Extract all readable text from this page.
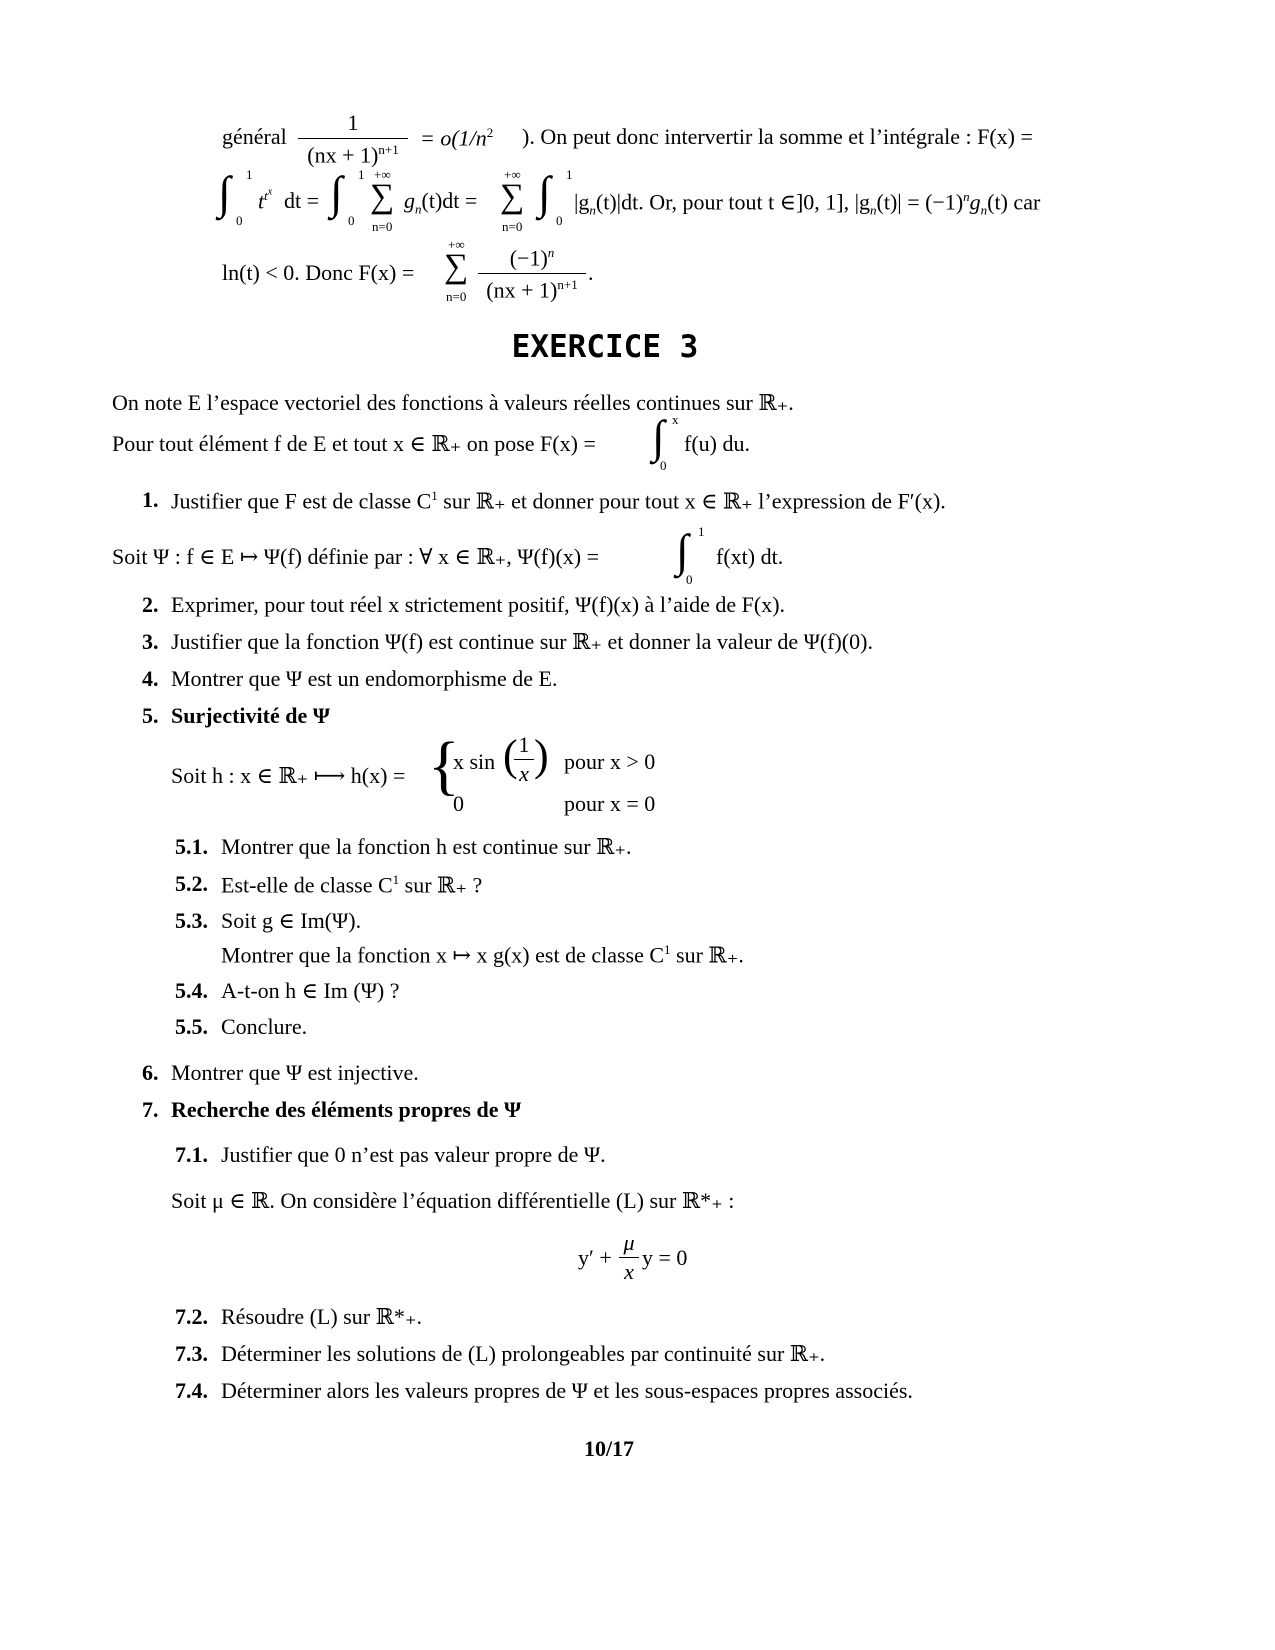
général $\frac{1}{(nx + 1)^{n+1}} = o(1/n^2$ ). On peut donc intervertir la somme et l’intégrale : F(x) =
∫ 1
0
$t^{t^x}$ dt = ∫ 1
0
+∞
∑
n=0
$g_n(t)dt$ =
+∞
∑
n=0
∫ 1
0
$|g_n(t)|dt$. Or, pour tout t ∈]0, 1], $|g_n(t)| = (-1)^ng_n(t)$ car
ln(t) < 0. Donc F(x) =
+∞
∑
$n=0 \frac{(-1)^n}{(nx + 1)^{n+1}}$ .
EXERCICE 3
On note E l’espace vectoriel des fonctions à valeurs réelles continues sur ℝ₊.
Pour tout élément f de E et tout x ∈ ℝ₊ on pose F(x) = ∫ x
0
f(u) du.
1. Justifier que F est de classe $C^1$ sur ℝ₊ et donner pour tout x ∈ ℝ₊ l’expression de F′(x).
Soit Ψ : f ∈ E ↦ Ψ(f) définie par : ∀ x ∈ ℝ₊, Ψ(f)(x) = ∫ 1
0
f(xt) dt.
2. Exprimer, pour tout réel x strictement positif, Ψ(f)(x) à l’aide de F(x).
3. Justifier que la fonction Ψ(f) est continue sur ℝ₊ et donner la valeur de Ψ(f)(0).
4. Montrer que Ψ est un endomorphisme de E.
5. Surjectivité de Ψ
Soit h : x ∈ ℝ₊ ⟼ h(x) = {
x sin (
$\frac{1}{x}$ ) pour x > 0
0	pour x = 0
5.1. Montrer que la fonction h est continue sur ℝ₊.
5.2. Est-elle de classe $C^1$ sur ℝ₊ ?
5.3. Soit g ∈ Im(Ψ).
Montrer que la fonction x ↦ x g(x) est de classe $C^1$ sur ℝ₊.
5.4. A-t-on h ∈ Im (Ψ) ?
5.5. Conclure.
6. Montrer que Ψ est injective.
7. Recherche des éléments propres de Ψ
7.1. Justifier que 0 n’est pas valeur propre de Ψ.
Soit μ ∈ ℝ. On considère l’équation différentielle (L) sur ℝ*₊ :
$y' + \frac{\mu}{x}$ y = 0
7.2. Résoudre (L) sur ℝ*₊.
7.3. Déterminer les solutions de (L) prolongeables par continuité sur ℝ₊.
7.4. Déterminer alors les valeurs propres de Ψ et les sous-espaces propres associés.
10/17
